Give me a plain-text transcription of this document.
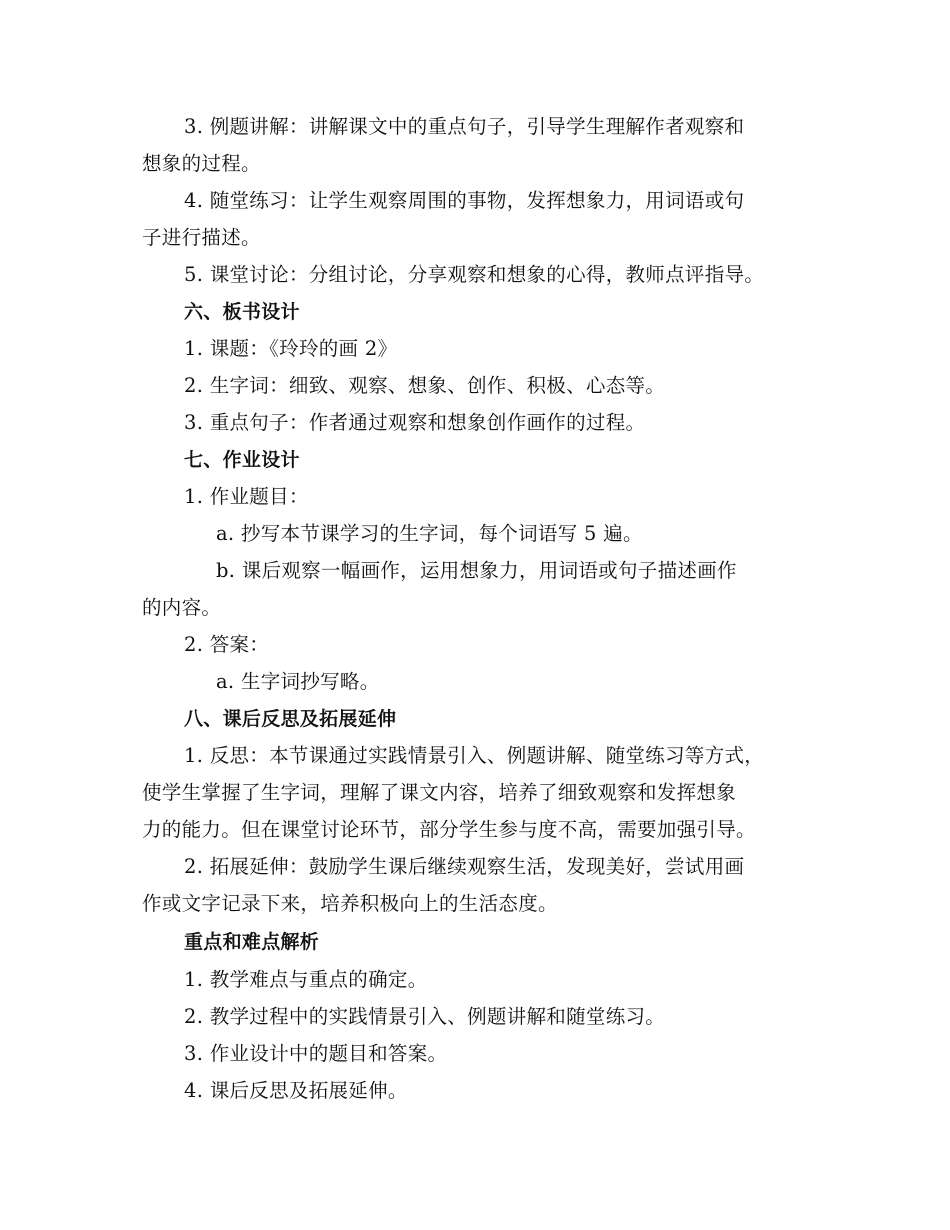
3. 例题讲解：讲解课文中的重点句子，引导学生理解作者观察和
想象的过程。
4. 随堂练习：让学生观察周围的事物，发挥想象力，用词语或句
子进行描述。
5. 课堂讨论：分组讨论，分享观察和想象的心得，教师点评指导。
六、板书设计
1. 课题：《玲玲的画 2》
2. 生字词：细致、观察、想象、创作、积极、心态等。
3. 重点句子：作者通过观察和想象创作画作的过程。
七、作业设计
1. 作业题目：
a. 抄写本节课学习的生字词，每个词语写 5 遍。
b. 课后观察一幅画作，运用想象力，用词语或句子描述画作
的内容。
2. 答案：
a. 生字词抄写略。
八、课后反思及拓展延伸
1. 反思：本节课通过实践情景引入、例题讲解、随堂练习等方式，
使学生掌握了生字词，理解了课文内容，培养了细致观察和发挥想象
力的能力。但在课堂讨论环节，部分学生参与度不高，需要加强引导。
2. 拓展延伸：鼓励学生课后继续观察生活，发现美好，尝试用画
作或文字记录下来，培养积极向上的生活态度。
重点和难点解析
1. 教学难点与重点的确定。
2. 教学过程中的实践情景引入、例题讲解和随堂练习。
3. 作业设计中的题目和答案。
4. 课后反思及拓展延伸。
